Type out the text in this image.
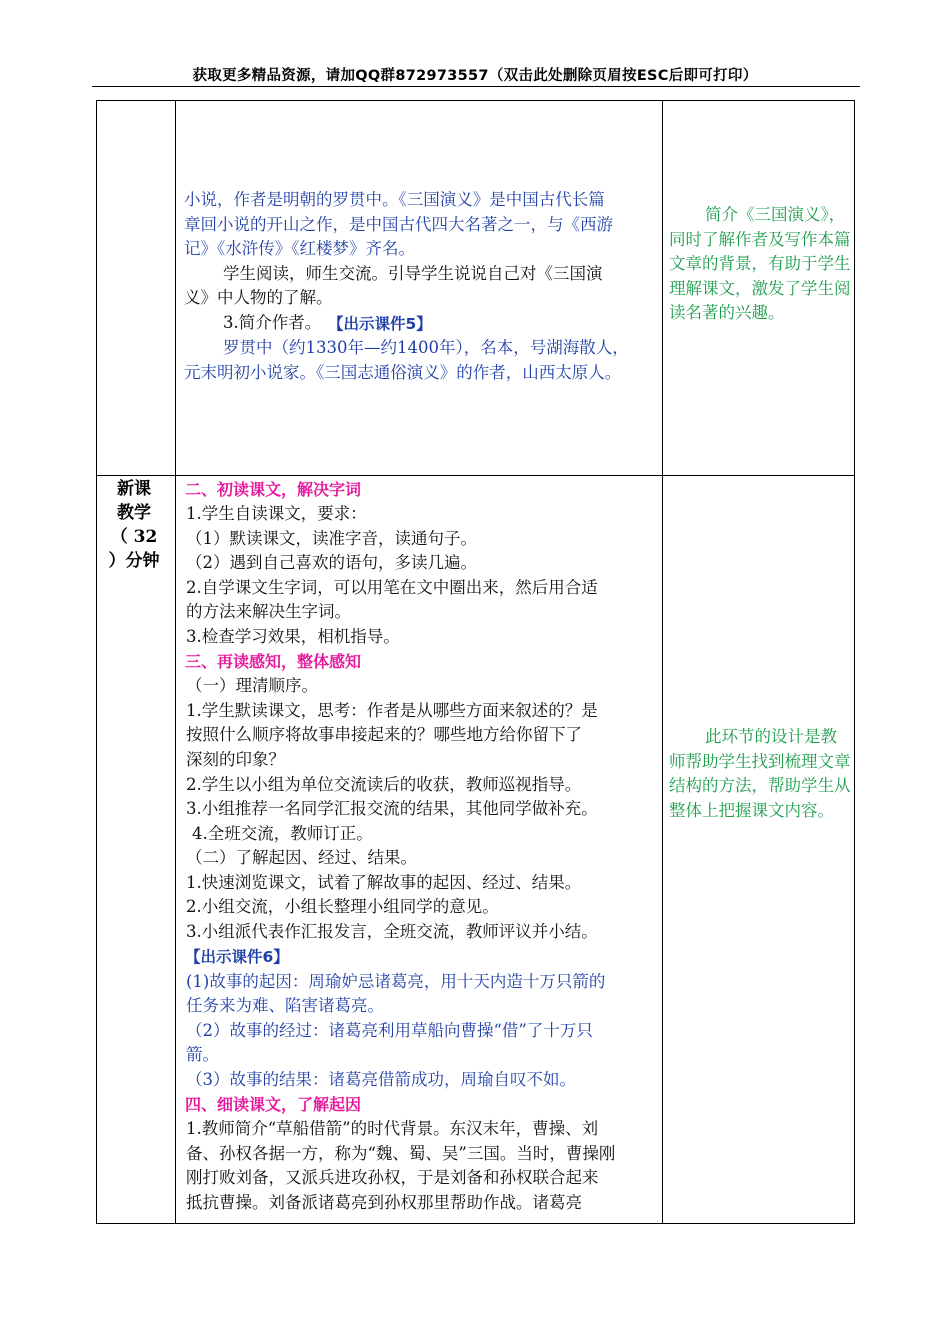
获取更多精品资源，请加QQ群872973557（双击此处删除页眉按ESC后即可打印）
小说，作者是明朝的罗贯中。《三国演义》是中国古代长篇
章回小说的开山之作，是中国古代四大名著之一，与《西游
记》《水浒传》《红楼梦》齐名。
学生阅读，师生交流。引导学生说说自己对《三国演
义》中人物的了解。
3.简介作者。 【出示课件5】
罗贯中（约1330年—约1400年），名本，号湖海散人，
元末明初小说家。《三国志通俗演义》的作者，山西太原人。
简介《三国演义》，同时了解作者及写作本篇文章的背景，有助于学生理解课文，激发了学生阅读名著的兴趣。
新课
教学
（ 32
）分钟
二、初读课文，解决字词
1.学生自读课文，要求：
（1）默读课文，读准字音，读通句子。
（2）遇到自己喜欢的语句，多读几遍。
2.自学课文生字词，可以用笔在文中圈出来，然后用合适
的方法来解决生字词。
3.检查学习效果，相机指导。
三、再读感知，整体感知
（一）理清顺序。
1.学生默读课文，思考：作者是从哪些方面来叙述的？是
按照什么顺序将故事串接起来的？哪些地方给你留下了
深刻的印象？
2.学生以小组为单位交流读后的收获，教师巡视指导。
3.小组推荐一名同学汇报交流的结果，其他同学做补充。
4.全班交流，教师订正。
（二）了解起因、经过、结果。
1.快速浏览课文，试着了解故事的起因、经过、结果。
2.小组交流，小组长整理小组同学的意见。
3.小组派代表作汇报发言，全班交流，教师评议并小结。
【出示课件6】
(1)故事的起因：周瑜妒忌诸葛亮，用十天内造十万只箭的
任务来为难、陷害诸葛亮。
（2）故事的经过：诸葛亮利用草船向曹操“借”了十万只
箭。
（3）故事的结果：诸葛亮借箭成功，周瑜自叹不如。
四、细读课文，了解起因
1.教师简介“草船借箭”的时代背景。东汉末年，曹操、刘
备、孙权各据一方，称为“魏、蜀、吴”三国。当时，曹操刚
刚打败刘备，又派兵进攻孙权，于是刘备和孙权联合起来
抵抗曹操。刘备派诸葛亮到孙权那里帮助作战。诸葛亮
此环节的设计是教师帮助学生找到梳理文章结构的方法，帮助学生从整体上把握课文内容。
